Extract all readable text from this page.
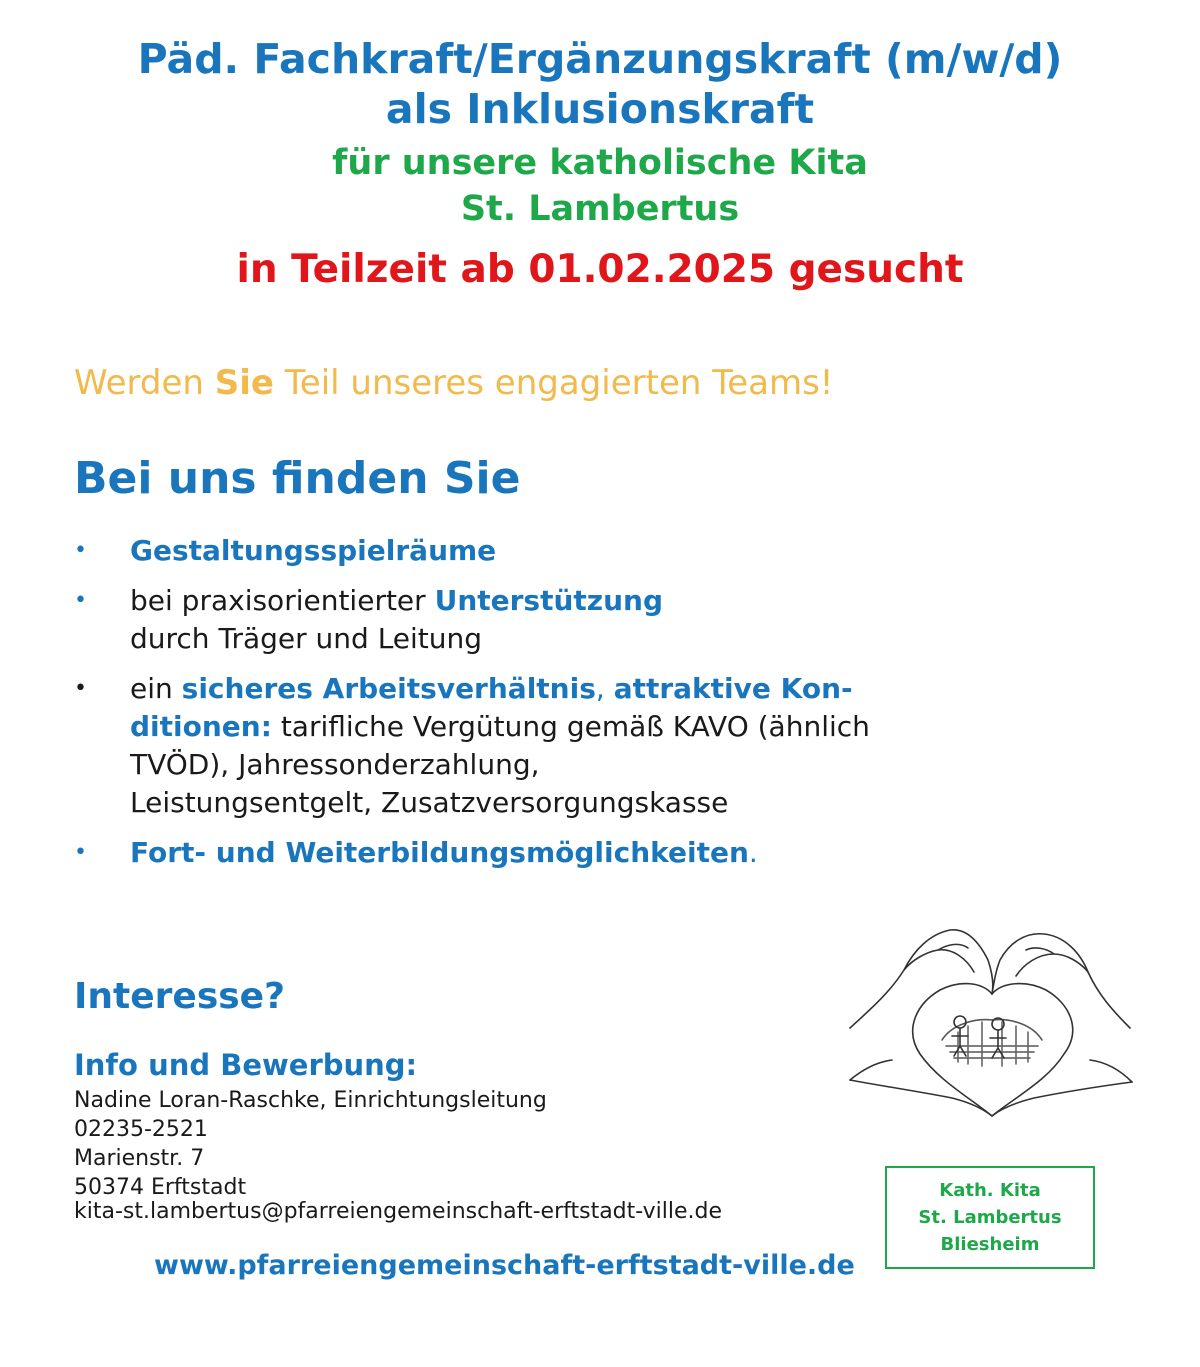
Päd. Fachkraft/Ergänzungskraft (m/w/d)
als Inklusionskraft
für unsere katholische Kita
St. Lambertus
in Teilzeit ab 01.02.2025 gesucht
Werden Sie Teil unseres engagierten Teams!
Bei uns finden Sie
• Gestaltungsspielräume
• bei praxisorientierter Unterstützung
durch Träger und Leitung
• ein sicheres Arbeitsverhältnis, attraktive Kon-
ditionen: tarifliche Vergütung gemäß KAVO (ähnlich
TVÖD), Jahressonderzahlung,
Leistungsentgelt, Zusatzversorgungskasse
• Fort- und Weiterbildungsmöglichkeiten.
Interesse?
Info und Bewerbung:
Nadine Loran-Raschke, Einrichtungsleitung
02235-2521
Marienstr. 7
50374 Erftstadt
kita-st.lambertus@pfarreiengemeinschaft-erftstadt-ville.de
www.pfarreiengemeinschaft-erftstadt-ville.de
Kath. Kita
St. Lambertus
Bliesheim
